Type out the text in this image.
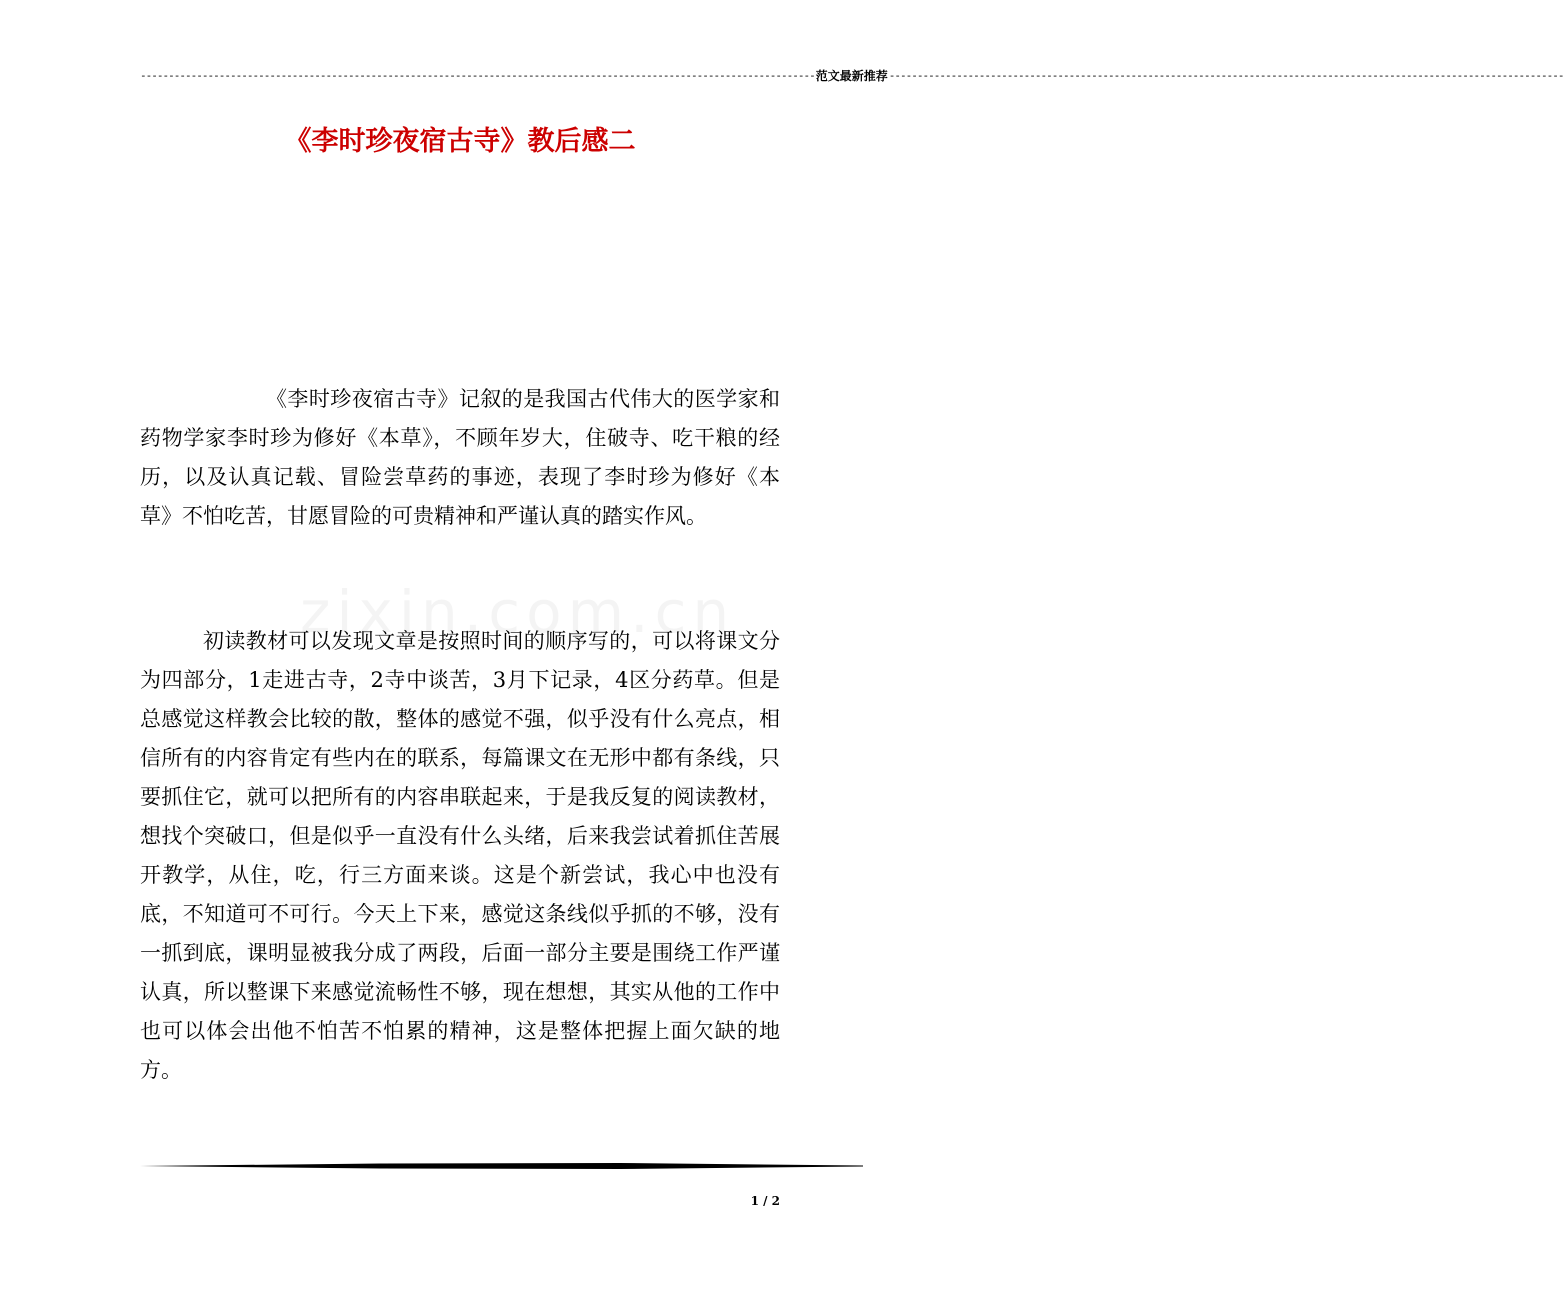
------------------------------------------------------------------------------------------------------------------------ 范文最新推荐 ------------------------------------------------------------------------------------------------------------------------
《李时珍夜宿古寺》教后感二

《李时珍夜宿古寺》记叙的是我国古代伟大的医学家和药物学家李时珍为修好《本草》，不顾年岁大，住破寺、吃干粮的经历，以及认真记载、冒险尝草药的事迹，表现了李时珍为修好《本草》不怕吃苦，甘愿冒险的可贵精神和严谨认真的踏实作风。

初读教材可以发现文章是按照时间的顺序写的，可以将课文分为四部分，1走进古寺，2寺中谈苦，3月下记录，4区分药草。但是总感觉这样教会比较的散，整体的感觉不强，似乎没有什么亮点，相信所有的内容肯定有些内在的联系，每篇课文在无形中都有条线，只要抓住它，就可以把所有的内容串联起来，于是我反复的阅读教材，想找个突破口，但是似乎一直没有什么头绪，后来我尝试着抓住苦展开教学，从住，吃，行三方面来谈。这是个新尝试，我心中也没有底，不知道可不可行。今天上下来，感觉这条线似乎抓的不够，没有一抓到底，课明显被我分成了两段，后面一部分主要是围绕工作严谨认真，所以整课下来感觉流畅性不够，现在想想，其实从他的工作中也可以体会出他不怕苦不怕累的精神，这是整体把握上面欠缺的地方。

1 / 2
